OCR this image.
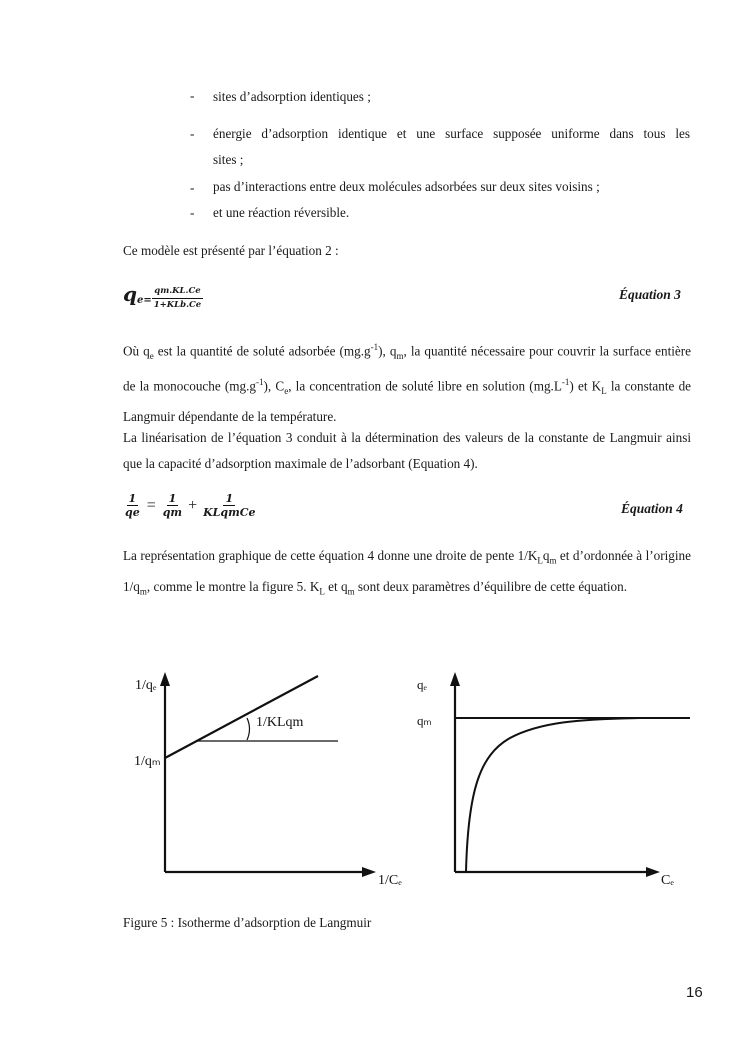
- sites d’adsorption identiques ;
- énergie d’adsorption identique et une surface supposée uniforme dans tous les
sites ;
- pas d’interactions entre deux molécules adsorbées sur deux sites voisins ;
- et une réaction réversible.
Ce modèle est présenté par l’équation 2 :
q $e= \frac{qm.KL.Ce}{\text{1+KLb.Ce}}$	Équation 3
Où $q_e$ est la quantité de soluté adsorbée $(mg.g^{-1})$, $q_m$, la quantité nécessaire pour couvrir la surface entière de la monocouche $(mg.g^{-1})$, $C_e$, la concentration de soluté libre en solution $(mg.L^{-1})$ et $K_L$ la constante de Langmuir dépendante de la température.
La linéarisation de l’équation 3 conduit à la détermination des valeurs de la constante de Langmuir ainsi que la capacité d’adsorption maximale de l’adsorbant (Equation 4).
$\frac{1}{qe} = \frac{1}{qm} + \frac{1}{\text{KLqmCe}}$	Équation 4
La représentation graphique de cette équation 4 donne une droite de pente $1/K_Lq_m$ et d’ordonnée à l’origine $1/q_m$, comme le montre la figure 5. $K_L$ et $q_m$ sont deux paramètres d’équilibre de cette équation.
1/qₑ
1/qₘ
1/KLqm
1/Cₑ
qₑ
qₘ
Cₑ
Figure 5 : Isotherme d’adsorption de Langmuir
16
